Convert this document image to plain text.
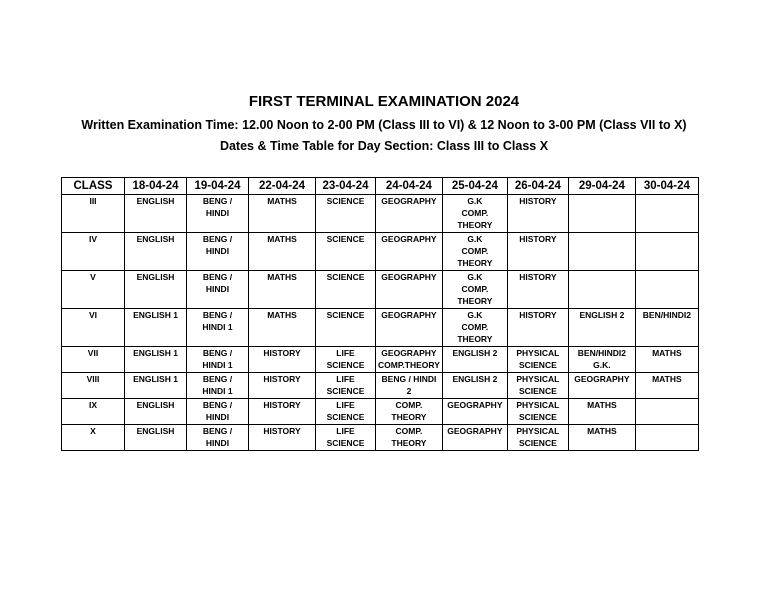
FIRST TERMINAL EXAMINATION 2024
Written Examination Time: 12.00 Noon to 2-00 PM (Class III to VI) & 12 Noon to 3-00 PM (Class VII to X)
Dates & Time Table for Day Section: Class III to Class X
CLASS	18-04-24	19-04-24	22-04-24	23-04-24	24-04-24	25-04-24	26-04-24	29-04-24	30-04-24

III	ENGLISH	BENG /
HINDI	MATHS	SCIENCE	GEOGRAPHY	G.K
COMP.
THEORY	HISTORY		

IV	ENGLISH	BENG /
HINDI	MATHS	SCIENCE	GEOGRAPHY	G.K
COMP.
THEORY	HISTORY		

V	ENGLISH	BENG /
HINDI	MATHS	SCIENCE	GEOGRAPHY	G.K
COMP.
THEORY	HISTORY		

VI	ENGLISH 1	BENG /
HINDI 1	MATHS	SCIENCE	GEOGRAPHY	G.K
COMP.
THEORY	HISTORY	ENGLISH 2	BEN/HINDI2

VII	ENGLISH 1	BENG /
HINDI 1	HISTORY	LIFE SCIENCE	GEOGRAPHY
COMP.THEORY	ENGLISH 2	PHYSICAL
SCIENCE	BEN/HINDI2
G.K.	MATHS

VIII	ENGLISH 1	BENG /
HINDI 1	HISTORY	LIFE SCIENCE	BENG / HINDI
2	ENGLISH 2	PHYSICAL
SCIENCE	GEOGRAPHY	MATHS

IX	ENGLISH	BENG /
HINDI	HISTORY	LIFE SCIENCE	COMP.
THEORY	GEOGRAPHY	PHYSICAL
SCIENCE	MATHS	

X	ENGLISH	BENG /
HINDI	HISTORY	LIFE SCIENCE	COMP.
THEORY	GEOGRAPHY	PHYSICAL
SCIENCE	MATHS	
